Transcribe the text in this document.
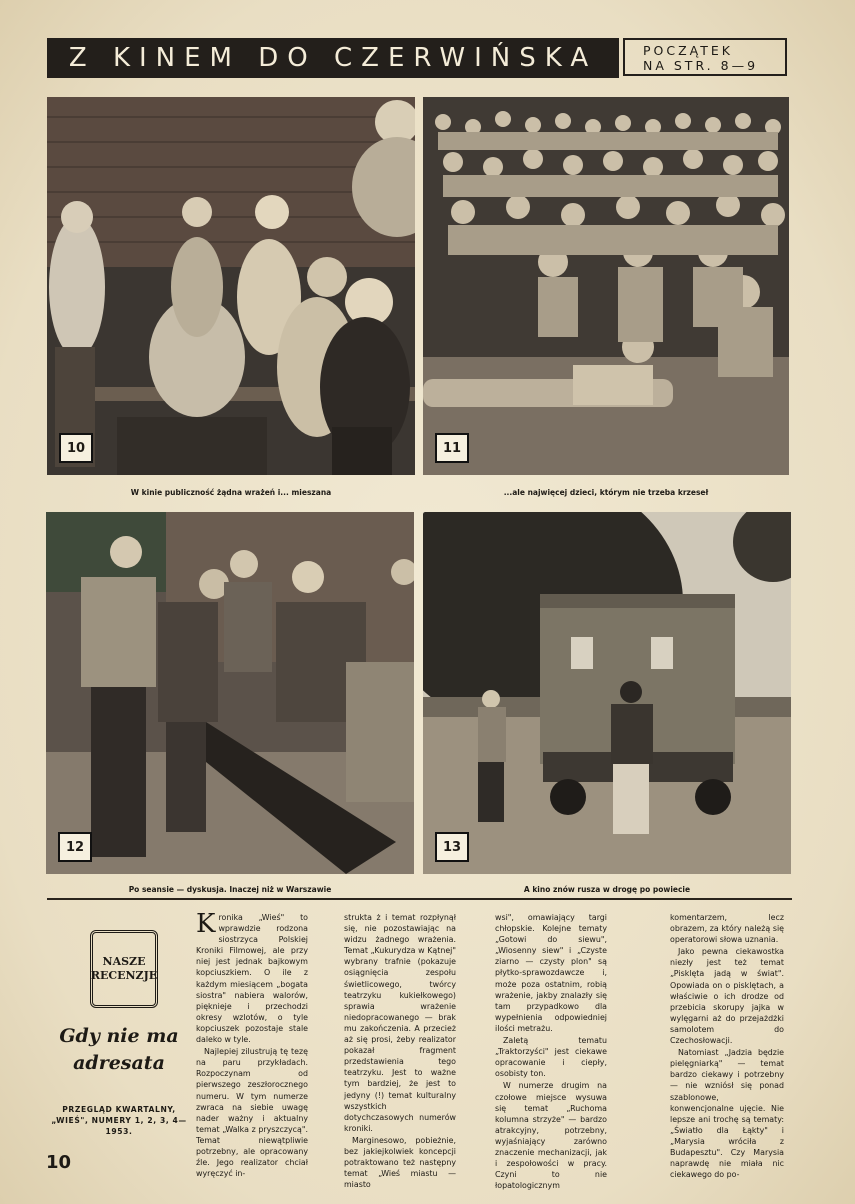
Z KINEM DO CZERWIŃSKA	POCZĄTEK
NA STR. 8—9
10
W kinie publiczność żądna wrażeń i... mieszana
11
...ale najwięcej dzieci, którym nie trzeba krzeseł
12
Po seansie — dyskusja. Inaczej niż w Warszawie
13
A kino znów rusza w drogę po powiecie
NASZE
RECENZJE
Gdy nie ma adresata
PRZEGLĄD KWARTALNY, „WIEŚ", NUMERY 1, 2, 3, 4— 1953.

Kronika „Wieś" to wprawdzie rodzona siostrzyca Polskiej Kroniki Filmowej, ale przy niej jest jednak bajkowym kopciuszkiem. O ile z każdym miesiącem „bogata siostra" nabiera walorów, pięknieje i przechodzi okresy wzlotów, o tyle kopciuszek pozostaje stale daleko w tyle.

Najlepiej zilustrują tę tezę na paru przykładach. Rozpoczynam od pierwszego zeszłorocznego numeru. W tym numerze zwraca na siebie uwagę nader ważny i aktualny temat „Walka z pryszczycą". Temat niewątpliwie potrzebny, ale opracowany źle. Jego realizator chciał wyręczyć in-

strukta ż i temat rozpłynął się, nie pozostawiając na widzu żadnego wrażenia. Temat „Kukurydza w Kątnej" wybrany trafnie (pokazuje osiągnięcia zespołu świetlicowego, twórcy teatrzyku kukiełkowego) sprawia wrażenie niedopracowanego — brak mu zakończenia. A przecież aż się prosi, żeby realizator pokazał fragment przedstawienia tego teatrzyku. Jest to ważne tym bardziej, że jest to jedyny (!) temat kulturalny wszystkich dotychczasowych numerów kroniki.

Marginesowo, pobieżnie, bez jakiejkolwiek koncepcji potraktowano też następny temat „Wieś miastu — miasto

wsi", omawiający targi chłopskie. Kolejne tematy „Gotowi do siewu", „Wiosenny siew" i „Czyste ziarno — czysty plon" są płytko-sprawozdawcze i, może poza ostatnim, robią wrażenie, jakby znalazły się tam przypadkowo dla wypełnienia odpowiedniej ilości metrażu.

Zaletą tematu „Traktorzyści" jest ciekawe opracowanie i ciepły, osobisty ton.

W numerze drugim na czołowe miejsce wysuwa się temat „Ruchoma kolumna strzyże" — bardzo atrakcyjny, potrzebny, wyjaśniający zarówno znaczenie mechanizacji, jak i zespołowości w pracy. Czyni to nie łopatologicznym

komentarzem, lecz obrazem, za który należą się operatorowi słowa uznania.

Jako pewna ciekawostka niezły jest też temat „Pisklęta jadą w świat". Opowiada on o pisklętach, a właściwie o ich drodze od przebicia skorupy jajka w wylęgarni aż do przejażdżki samolotem do Czechosłowacji.

Natomiast „Jadzia będzie pielęgniarką" — temat bardzo ciekawy i potrzebny — nie wzniósł się ponad szablonowe, konwencjonalne ujęcie. Nie lepsze ani trochę są tematy: „Światło dla Łąkty" i „Marysia wróciła z Budapesztu". Czy Marysia naprawdę nie miała nic ciekawego do po-

10
